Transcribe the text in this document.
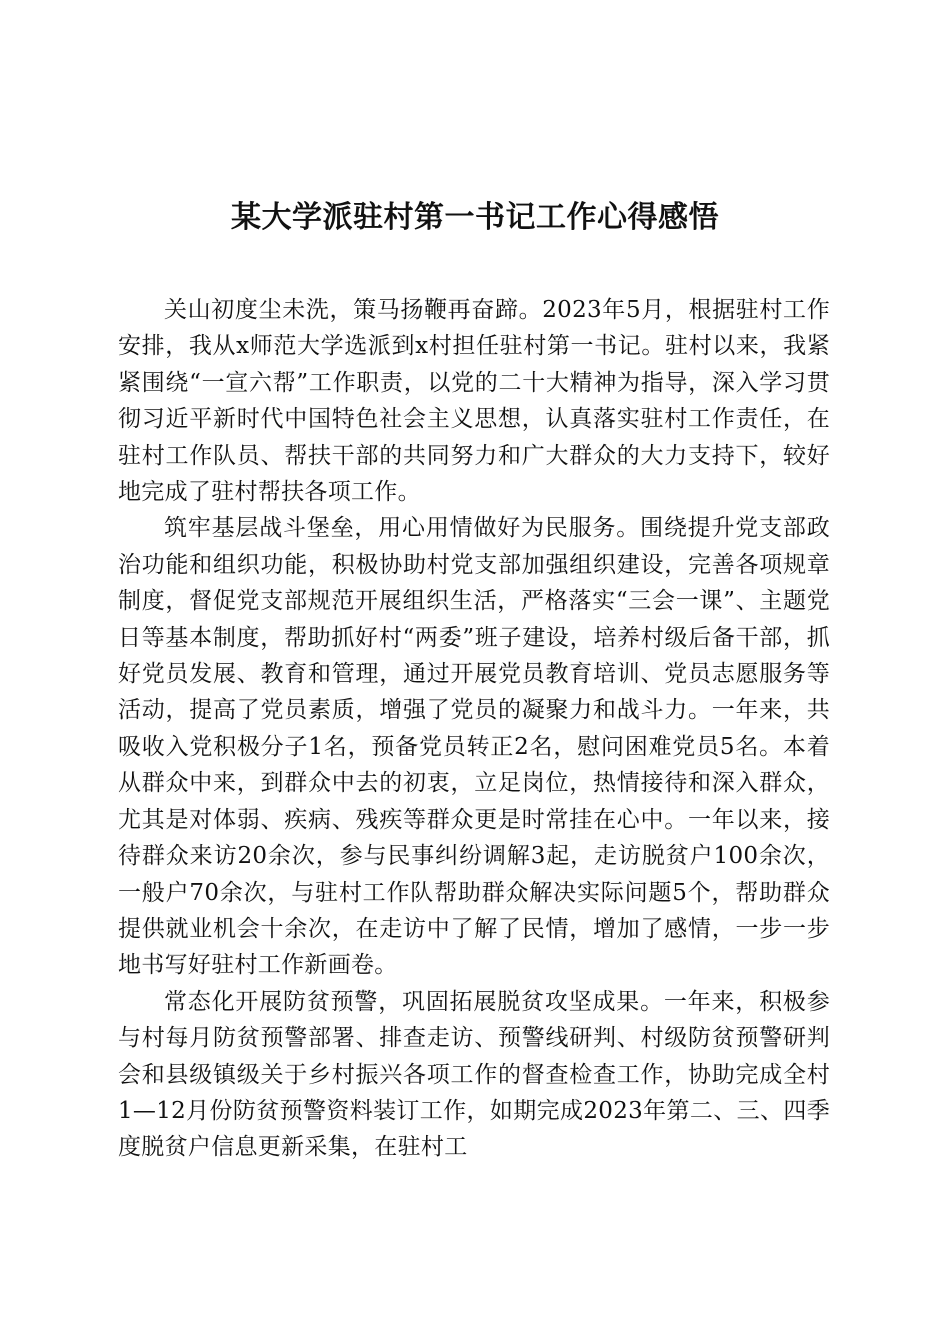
某大学派驻村第一书记工作心得感悟

关山初度尘未洗，策马扬鞭再奋蹄。2023年5月，根据驻村工作安排，我从x师范大学选派到x村担任驻村第一书记。驻村以来，我紧紧围绕“一宣六帮”工作职责，以党的二十大精神为指导，深入学习贯彻习近平新时代中国特色社会主义思想，认真落实驻村工作责任，在驻村工作队员、帮扶干部的共同努力和广大群众的大力支持下，较好地完成了驻村帮扶各项工作。

筑牢基层战斗堡垒，用心用情做好为民服务。围绕提升党支部政治功能和组织功能，积极协助村党支部加强组织建设，完善各项规章制度，督促党支部规范开展组织生活，严格落实“三会一课”、主题党日等基本制度，帮助抓好村“两委”班子建设，培养村级后备干部，抓好党员发展、教育和管理，通过开展党员教育培训、党员志愿服务等活动，提高了党员素质，增强了党员的凝聚力和战斗力。一年来，共吸收入党积极分子1名，预备党员转正2名，慰问困难党员5名。本着从群众中来，到群众中去的初衷，立足岗位，热情接待和深入群众，尤其是对体弱、疾病、残疾等群众更是时常挂在心中。一年以来，接待群众来访20余次，参与民事纠纷调解3起，走访脱贫户100余次，一般户70余次，与驻村工作队帮助群众解决实际问题5个，帮助群众提供就业机会十余次，在走访中了解了民情，增加了感情，一步一步地书写好驻村工作新画卷。

常态化开展防贫预警，巩固拓展脱贫攻坚成果。一年来，积极参与村每月防贫预警部署、排查走访、预警线研判、村级防贫预警研判会和县级镇级关于乡村振兴各项工作的督查检查工作，协助完成全村1—12月份防贫预警资料装订工作，如期完成2023年第二、三、四季度脱贫户信息更新采集，在驻村工
